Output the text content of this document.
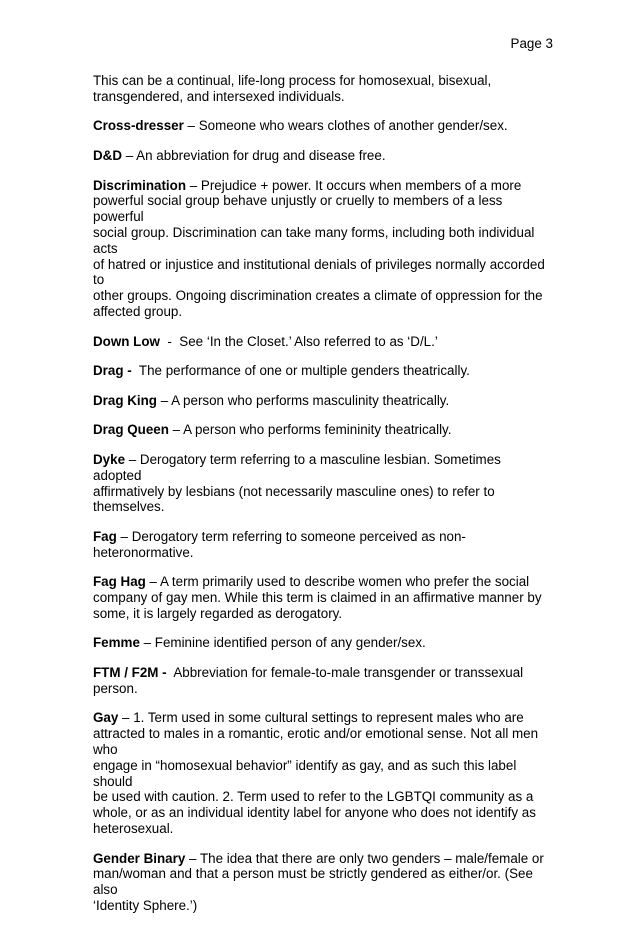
Page 3

This can be a continual, life-long process for homosexual, bisexual,
transgendered, and intersexed individuals.

Cross-dresser – Someone who wears clothes of another gender/sex.

D&D – An abbreviation for drug and disease free.

Discrimination – Prejudice + power. It occurs when members of a more
powerful social group behave unjustly or cruelly to members of a less powerful
social group. Discrimination can take many forms, including both individual acts
of hatred or injustice and institutional denials of privileges normally accorded to
other groups. Ongoing discrimination creates a climate of oppression for the
affected group.

Down Low  -  See ‘In the Closet.’ Also referred to as ‘D/L.’

Drag - The performance of one or multiple genders theatrically.

Drag King – A person who performs masculinity theatrically.

Drag Queen – A person who performs femininity theatrically.

Dyke – Derogatory term referring to a masculine lesbian. Sometimes adopted
affirmatively by lesbians (not necessarily masculine ones) to refer to themselves.

Fag – Derogatory term referring to someone perceived as non-heteronormative.

Fag Hag – A term primarily used to describe women who prefer the social
company of gay men. While this term is claimed in an affirmative manner by
some, it is largely regarded as derogatory.

Femme – Feminine identified person of any gender/sex.

FTM / F2M - Abbreviation for female-to-male transgender or transsexual person.

Gay – 1. Term used in some cultural settings to represent males who are
attracted to males in a romantic, erotic and/or emotional sense. Not all men who
engage in “homosexual behavior” identify as gay, and as such this label should
be used with caution. 2. Term used to refer to the LGBTQI community as a
whole, or as an individual identity label for anyone who does not identify as
heterosexual.

Gender Binary – The idea that there are only two genders – male/female or
man/woman and that a person must be strictly gendered as either/or. (See also
‘Identity Sphere.’)
